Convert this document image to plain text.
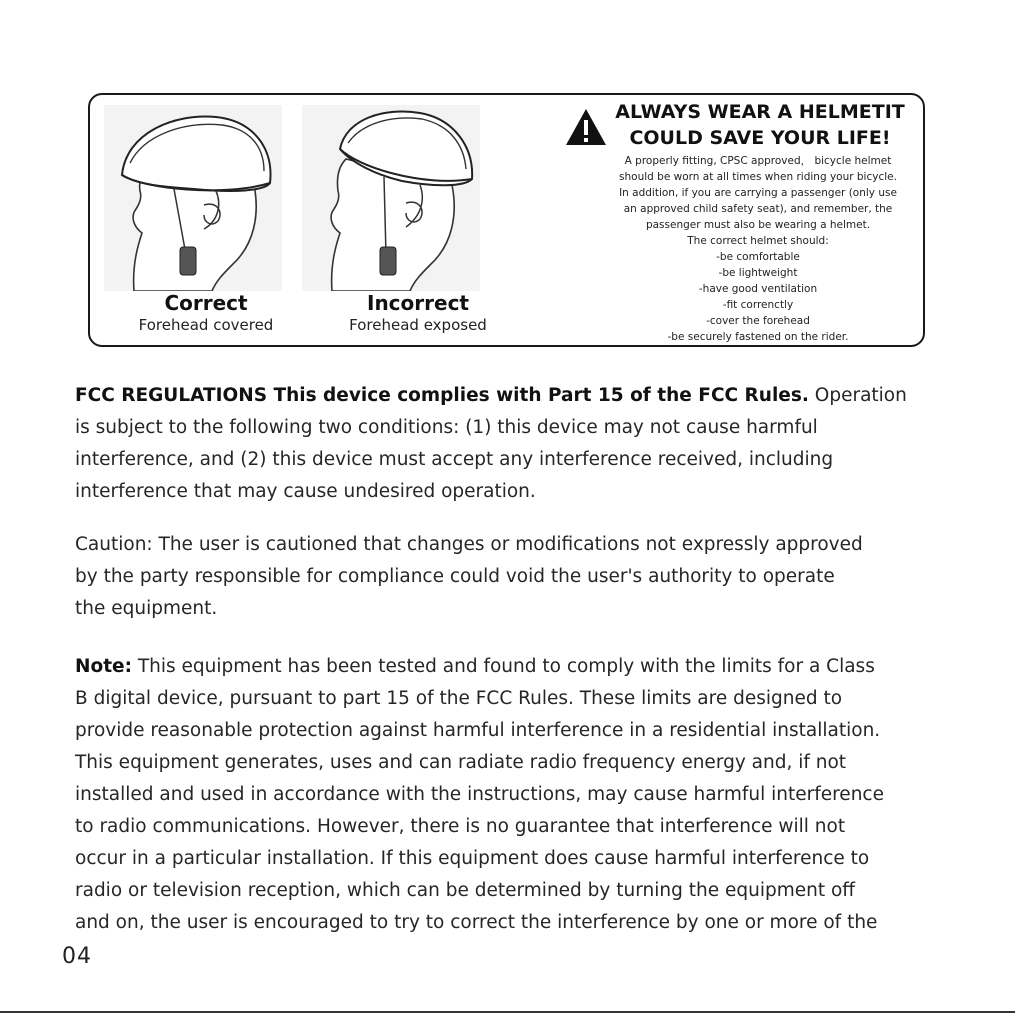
Correct
Forehead covered
Incorrect
Forehead exposed
ALWAYS WEAR A HELMETIT
COULD SAVE YOUR LIFE!
A properly fitting, CPSC approved， bicycle helmet
should be worn at all times when riding your bicycle.
In addition, if you are carrying a passenger (only use
an approved child safety seat), and remember, the
passenger must also be wearing a helmet.
The correct helmet should:
-be comfortable
-be lightweight
-have good ventilation
-fit correnctly
-cover the forehead
-be securely fastened on the rider.
FCC REGULATIONS This device complies with Part 15 of the FCC Rules. Operation
is subject to the following two conditions: (1) this device may not cause harmful
interference, and (2) this device must accept any interference received, including
interference that may cause undesired operation.
Caution: The user is cautioned that changes or modifications not expressly approved
by the party responsible for compliance could void the user's authority to operate
the equipment.
Note: This equipment has been tested and found to comply with the limits for a Class
B digital device, pursuant to part 15 of the FCC Rules. These limits are designed to
provide reasonable protection against harmful interference in a residential installation.
This equipment generates, uses and can radiate radio frequency energy and, if not
installed and used in accordance with the instructions, may cause harmful interference
to radio communications. However, there is no guarantee that interference will not
occur in a particular installation. If this equipment does cause harmful interference to
radio or television reception, which can be determined by turning the equipment off
and on, the user is encouraged to try to correct the interference by one or more of the
04
